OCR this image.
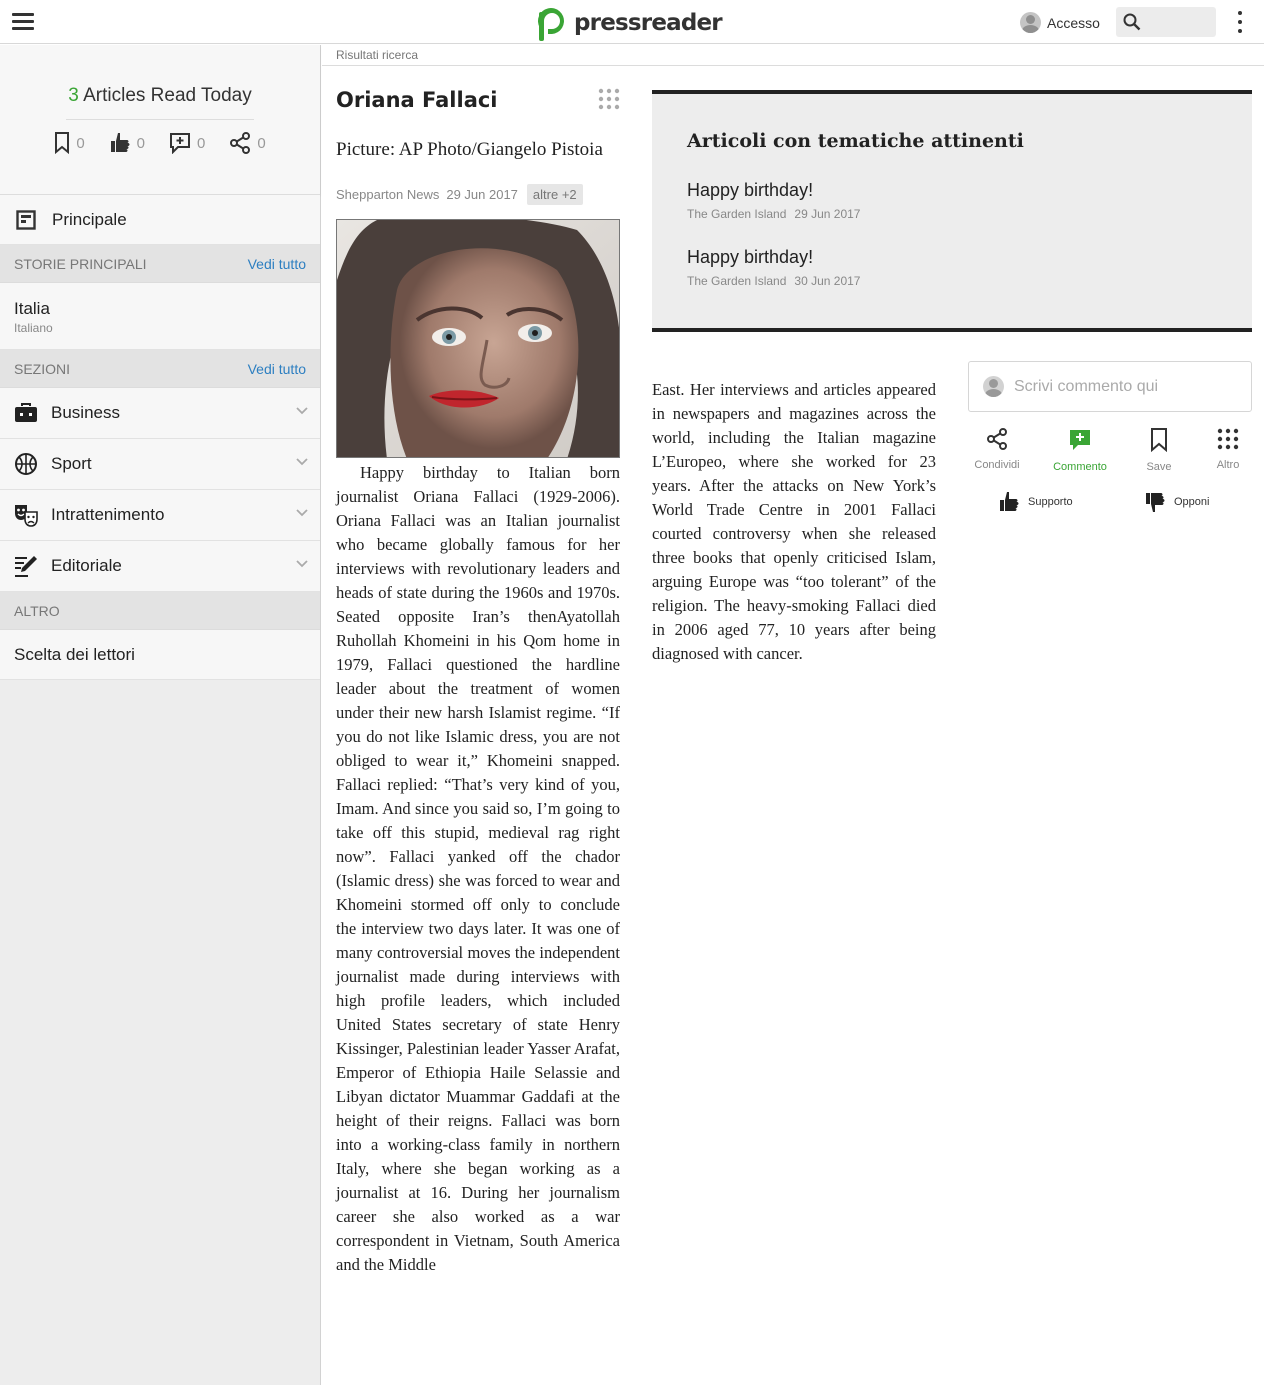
pressreader	Accesso
3 Articles Read Today
0	0	0	0
Principale
STORIE PRINCIPALI	Vedi tutto
Italia
Italiano
SEZIONI	Vedi tutto
Business
Sport
Intrattenimento
Editoriale
ALTRO
Scelta dei lettori
Risultati ricerca
Oriana Fallaci
Picture: AP Photo/Giangelo Pistoia
Shepparton News 29 Jun 2017	altre +2
Happy birthday to Italian born journalist Oriana Fallaci (1929-2006). Oriana Fallaci was an Italian journalist who became globally famous for her interviews with revolutionary leaders and heads of state during the 1960s and 1970s. Seated opposite Iran’s thenAyatollah Ruhollah Khomeini in his Qom home in 1979, Fallaci questioned the hardline leader about the treatment of women under their new harsh Islamist regime. “If you do not like Islamic dress, you are not obliged to wear it,” Khomeini snapped. Fallaci replied: “That’s very kind of you, Imam. And since you said so, I’m going to take off this stupid, medieval rag right now”. Fallaci yanked off the chador (Islamic dress) she was forced to wear and Khomeini stormed off only to conclude the interview two days later. It was one of many controversial moves the independent journalist made during interviews with high profile leaders, which included United States secretary of state Henry Kissinger, Palestinian leader Yasser Arafat, Emperor of Ethiopia Haile Selassie and Libyan dictator Muammar Gaddafi at the height of their reigns. Fallaci was born into a working-class family in northern Italy, where she began working as a journalist at 16. During her journalism career she also worked as a war correspondent in Vietnam, South America and the Middle
Articoli con tematiche attinenti
Happy birthday!
The Garden Island 29 Jun 2017
Happy birthday!
The Garden Island 30 Jun 2017
East. Her interviews and articles appeared in newspapers and magazines across the world, including the Italian magazine L’Europeo, where she worked for 23 years. After the attacks on New York’s World Trade Centre in 2001 Fallaci courted controversy when she released three books that openly criticised Islam, arguing Europe was “too tolerant” of the religion. The heavy-smoking Fallaci died in 2006 aged 77, 10 years after being diagnosed with cancer.
Scrivi commento qui
Condividi	Commento	Save	Altro
Supporto	Opponi
